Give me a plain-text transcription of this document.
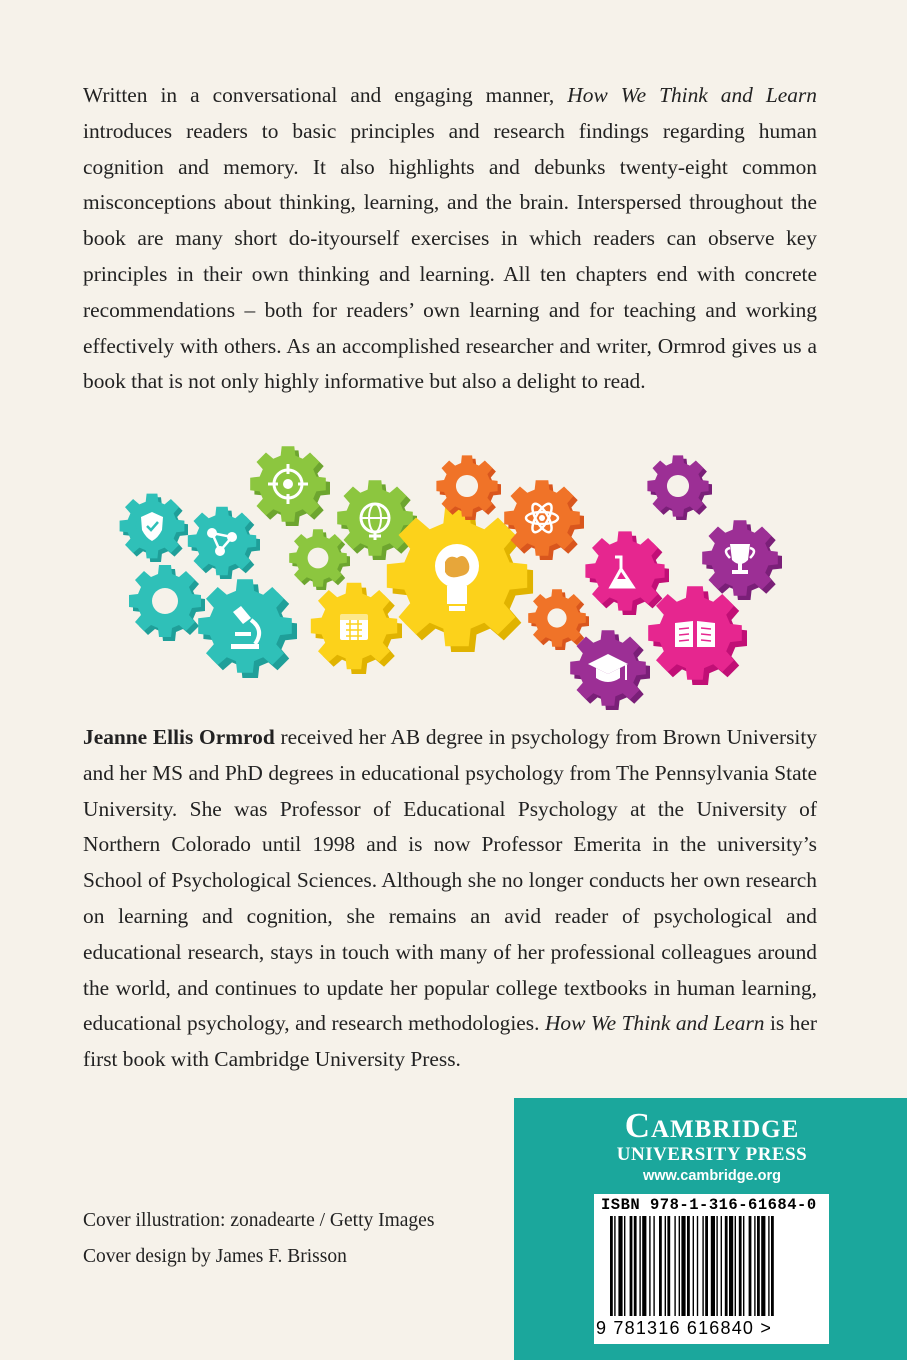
Written in a conversational and engaging manner, How We Think and Learn introduces readers to basic principles and research findings regarding human cognition and memory. It also highlights and debunks twenty-eight common misconceptions about thinking, learning, and the brain. Interspersed throughout the book are many short do-ityourself exercises in which readers can observe key principles in their own thinking and learning. All ten chapters end with concrete recommendations – both for readers’ own learning and for teaching and working effectively with others. As an accomplished researcher and writer, Ormrod gives us a book that is not only highly informative but also a delight to read.
Jeanne Ellis Ormrod received her AB degree in psychology from Brown University and her MS and PhD degrees in educational psychology from The Pennsylvania State University. She was Professor of Educational Psychology at the University of Northern Colorado until 1998 and is now Professor Emerita in the university’s School of Psychological Sciences. Although she no longer conducts her own research on learning and cognition, she remains an avid reader of psychological and educational research, stays in touch with many of her professional colleagues around the world, and continues to update her popular college textbooks in human learning, educational psychology, and research methodologies. How We Think and Learn is her first book with Cambridge University Press.
Cover illustration: zonadearte / Getty Images
Cover design by James F. Brisson
Cambridge
UNIVERSITY PRESS
www.cambridge.org
ISBN 978-1-316-61684-0
9 781316 616840 >
